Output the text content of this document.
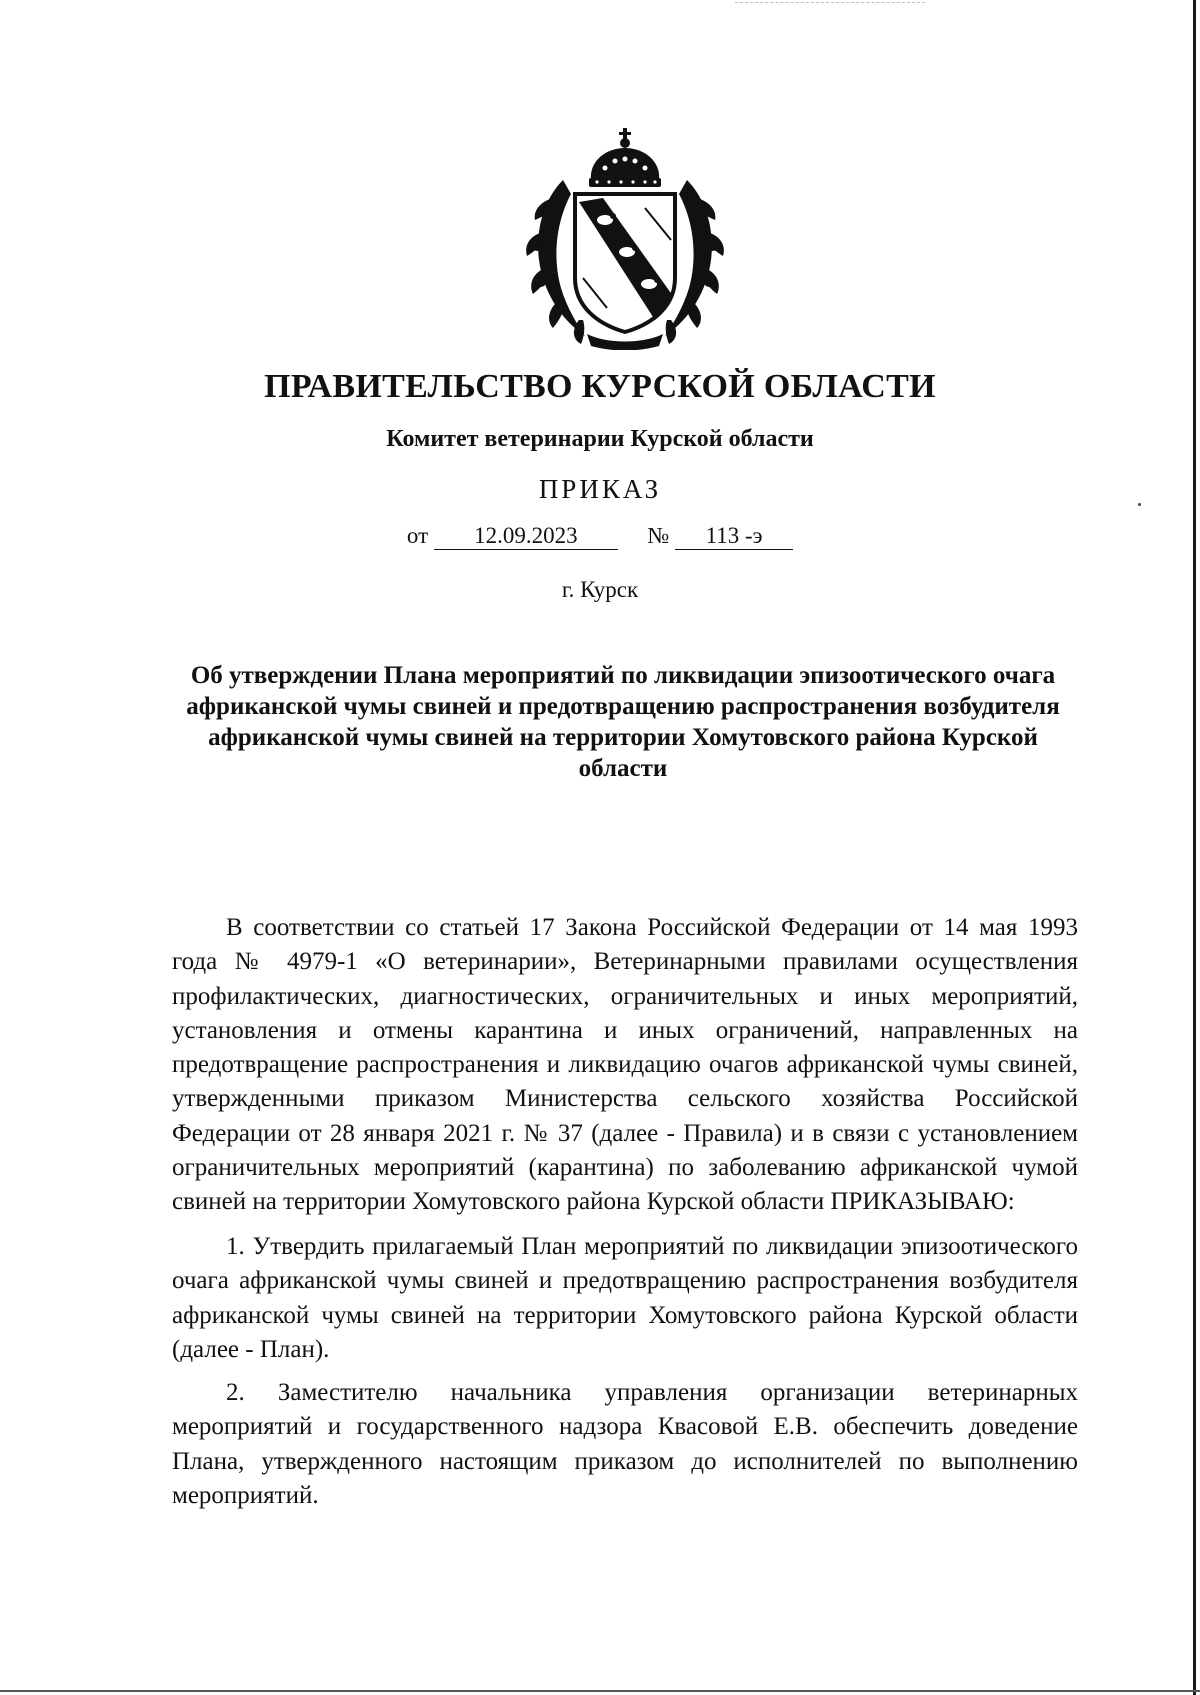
ПРАВИТЕЛЬСТВО КУРСКОЙ ОБЛАСТИ
Комитет ветеринарии Курской области
ПРИКАЗ
от 12.09.2023	№ 113 -э
г. Курск
Об утверждении Плана мероприятий по ликвидации эпизоотического очага африканской чумы свиней и предотвращению распространения возбудителя африканской чумы свиней на территории Хомутовского района Курской области
В соответствии со статьей 17 Закона Российской Федерации от 14 мая 1993 года № 4979-1 «О ветеринарии», Ветеринарными правилами осуществления профилактических, диагностических, ограничительных и иных мероприятий, установления и отмены карантина и иных ограничений, направленных на предотвращение распространения и ликвидацию очагов африканской чумы свиней, утвержденными приказом Министерства сельского хозяйства Российской Федерации от 28 января 2021 г. № 37 (далее - Правила) и в связи с установлением ограничительных мероприятий (карантина) по заболеванию африканской чумой свиней на территории Хомутовского района Курской области ПРИКАЗЫВАЮ:
1. Утвердить прилагаемый План мероприятий по ликвидации эпизоотического очага африканской чумы свиней и предотвращению распространения возбудителя африканской чумы свиней на территории Хомутовского района Курской области (далее - План).
2. Заместителю начальника управления организации ветеринарных мероприятий и государственного надзора Квасовой Е.В. обеспечить доведение Плана, утвержденного настоящим приказом до исполнителей по выполнению мероприятий.
